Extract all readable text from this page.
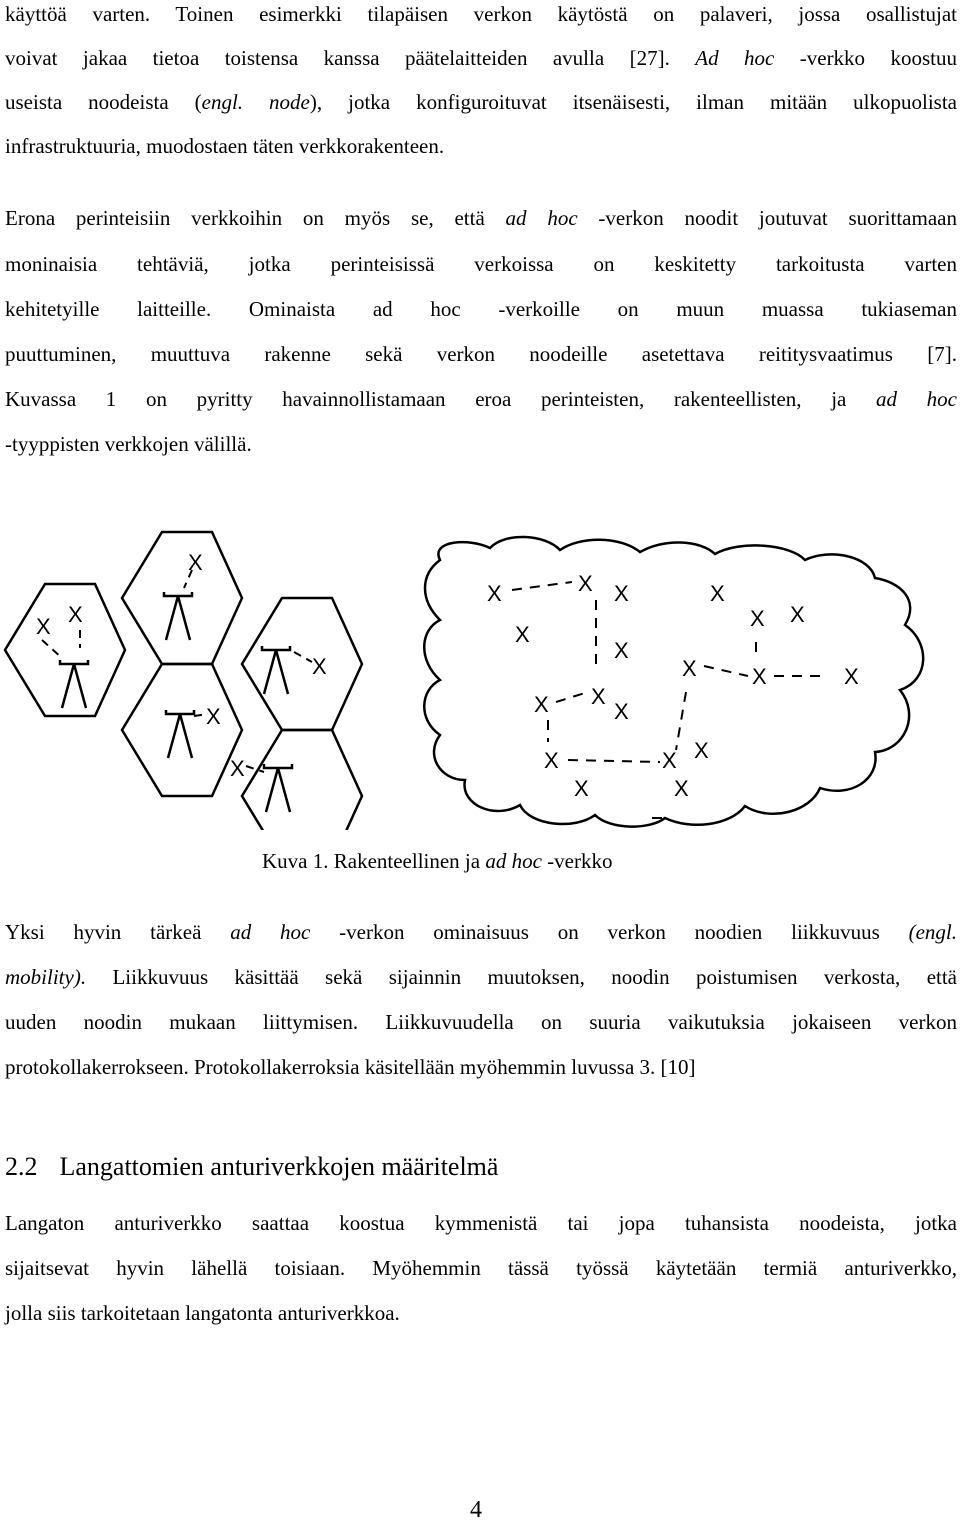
käyttöä varten. Toinen esimerkki tilapäisen verkon käytöstä on palaveri, jossa osallistujat
voivat jakaa tietoa toistensa kanssa päätelaitteiden avulla [27]. Ad hoc -verkko koostuu
useista noodeista (engl. node), jotka konfiguroituvat itsenäisesti, ilman mitään ulkopuolista
infrastruktuuria, muodostaen täten verkkorakenteen.
Erona perinteisiin verkkoihin on myös se, että ad hoc -verkon noodit joutuvat suorittamaan
moninaisia tehtäviä, jotka perinteisissä verkoissa on keskitetty tarkoitusta varten
kehitetyille laitteille. Ominaista ad hoc -verkoille on muun muassa tukiaseman
puuttuminen, muuttuva rakenne sekä verkon noodeille asetettava reititysvaatimus [7].
Kuvassa 1 on pyritty havainnollistamaan eroa perinteisten, rakenteellisten, ja ad hoc
-tyyppisten verkkojen välillä.
X X
X
X
X
X
X	X X	X
X
X X
X
X	X	X
X X
X
X	X X
X	X
Kuva 1. Rakenteellinen ja ad hoc -verkko
Yksi hyvin tärkeä ad hoc -verkon ominaisuus on verkon noodien liikkuvuus (engl.
mobility). Liikkuvuus käsittää sekä sijainnin muutoksen, noodin poistumisen verkosta, että
uuden noodin mukaan liittymisen. Liikkuvuudella on suuria vaikutuksia jokaiseen verkon
protokollakerrokseen. Protokollakerroksia käsitellään myöhemmin luvussa 3. [10]
2.2 Langattomien anturiverkkojen määritelmä
Langaton anturiverkko saattaa koostua kymmenistä tai jopa tuhansista noodeista, jotka
sijaitsevat hyvin lähellä toisiaan. Myöhemmin tässä työssä käytetään termiä anturiverkko,
jolla siis tarkoitetaan langatonta anturiverkkoa.
4
